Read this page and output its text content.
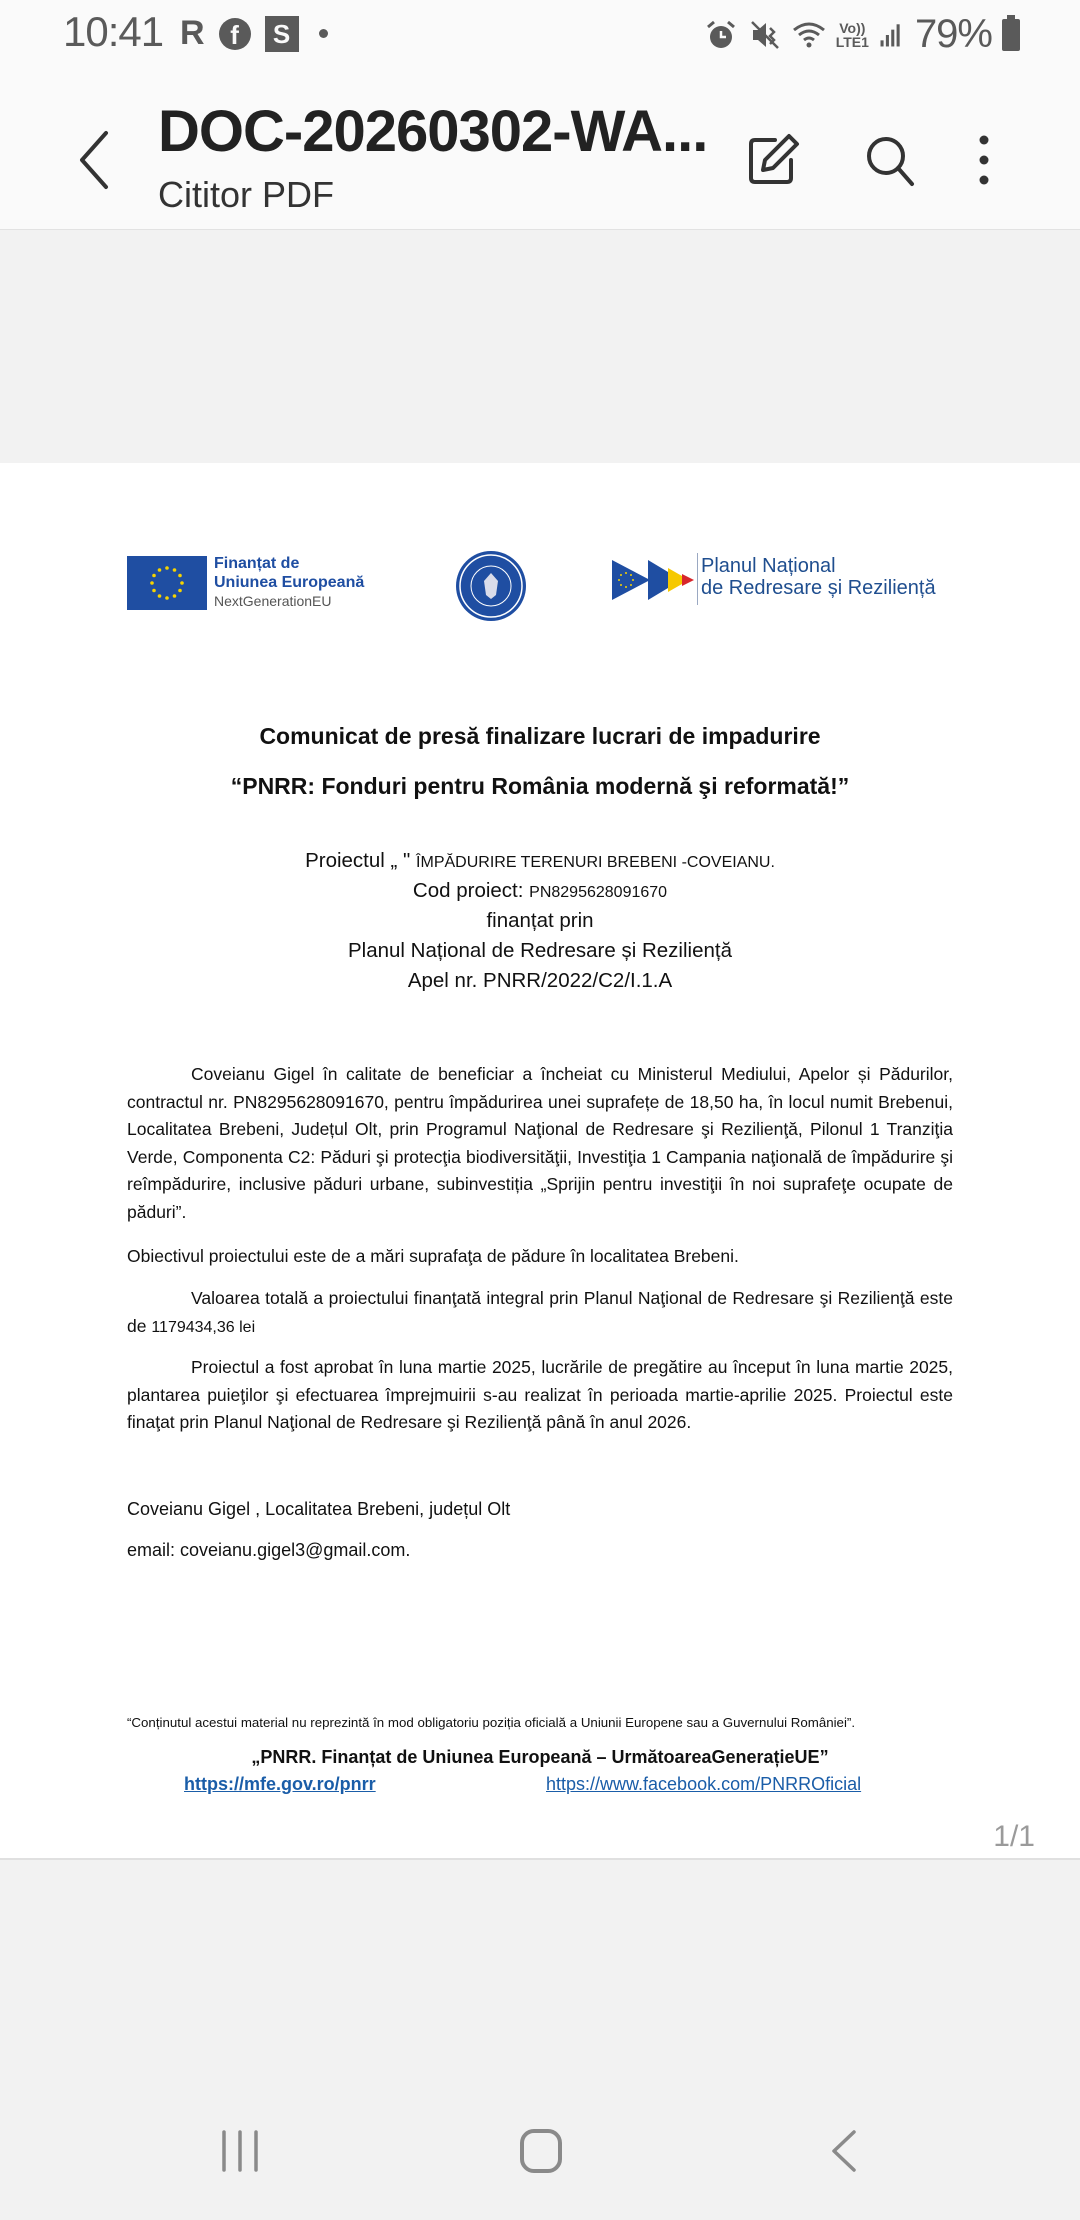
10:41 R f	S	Vo))
LTE1 79%
DOC-20260302-WA...
Cititor PDF
Finanțat de
Uniunea Europeană
NextGenerationEU
Planul Național
de Redresare și Reziliență
Comunicat de presă finalizare lucrari de impadurire
“PNRR: Fonduri pentru România modernă şi reformată!”
Proiectul „ " ÎMPĂDURIRE TERENURI BREBENI -COVEIANU.
Cod proiect: PN8295628091670
finanțat prin
Planul Național de Redresare și Reziliență
Apel nr. PNRR/2022/C2/I.1.A

Coveianu Gigel în calitate de beneficiar a încheiat cu Ministerul Mediului, Apelor și Pădurilor, contractul nr. PN8295628091670, pentru împădurirea unei suprafețe de 18,50 ha, în locul numit Brebenui, Localitatea Brebeni, Județul Olt, prin Programul Naţional de Redresare şi Rezilienţă, Pilonul 1 Tranziţia Verde, Componenta C2: Păduri şi protecţia biodiversităţii, Investiţia 1 Campania naţională de împădurire şi reîmpădurire, inclusive păduri urbane, subinvestiția „Sprijin pentru investiţii în noi suprafeţe ocupate de păduri”.

Obiectivul proiectului este de a mări suprafaţa de pădure în localitatea Brebeni.

Valoarea totală a proiectului finanţată integral prin Planul Naţional de Redresare şi Rezilienţă este de 1179434,36 lei

Proiectul a fost aprobat în luna martie 2025, lucrările de pregătire au început în luna martie 2025, plantarea puieţilor şi efectuarea împrejmuirii s-au realizat în perioada martie-aprilie 2025. Proiectul este finaţat prin Planul Naţional de Redresare şi Rezilienţă până în anul 2026.

Coveianu Gigel , Localitatea Brebeni, județul Olt
email: coveianu.gigel3@gmail.com.
“Conținutul acestui material nu reprezintă în mod obligatoriu poziția oficială a Uniunii Europene sau a Guvernului României”.
„PNRR. Finanțat de Uniunea Europeană – UrmătoareaGenerațieUE”
https://mfe.gov.ro/pnrr	https://www.facebook.com/PNRROficial
1/1
